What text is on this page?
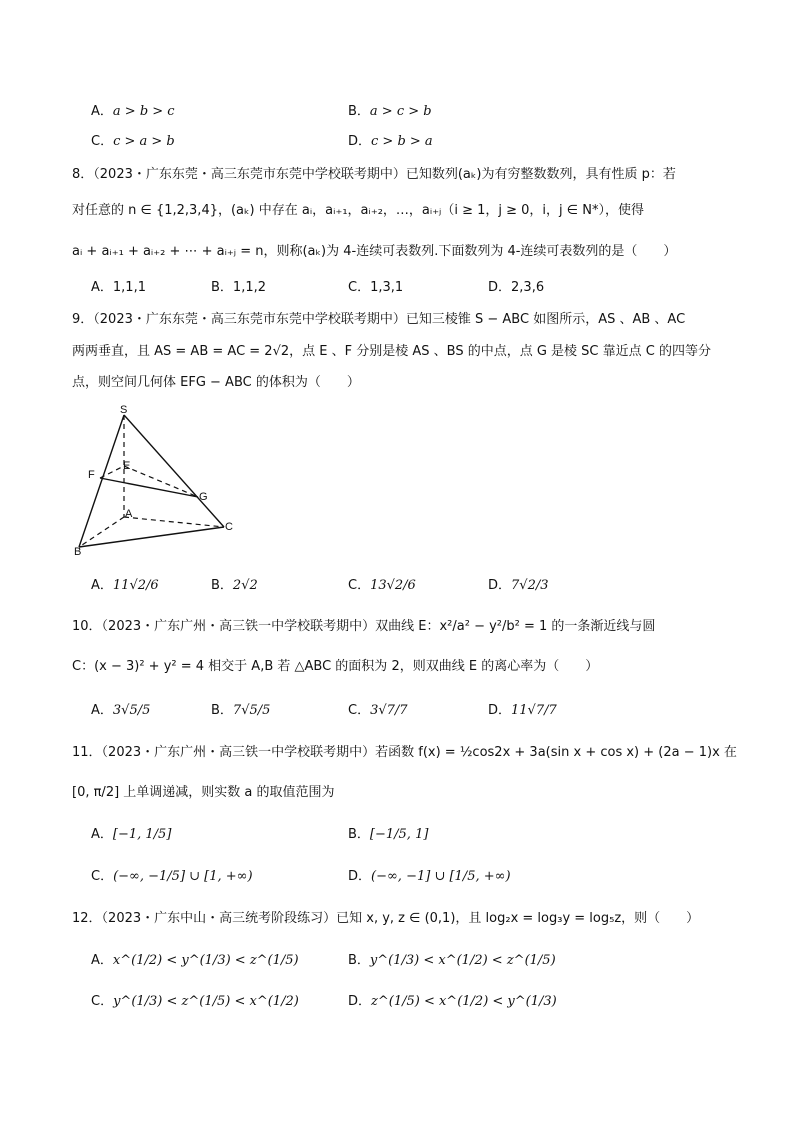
A．a > b > c	B．a > c > b
C．c > a > b	D．c > b > a
8．（2023・广东东莞・高三东莞市东莞中学校联考期中）已知数列(aₖ)为有穷整数数列，具有性质 p：若
对任意的 n ∈ {1,2,3,4}，(aₖ) 中存在 aᵢ，aᵢ₊₁，aᵢ₊₂，…，aᵢ₊ⱼ（i ≥ 1，j ≥ 0，i，j ∈ N*），使得
aᵢ + aᵢ₊₁ + aᵢ₊₂ + ⋯ + aᵢ₊ⱼ = n，则称(aₖ)为 4-连续可表数列.下面数列为 4-连续可表数列的是（　　）
A．1,1,1	B．1,1,2	C．1,3,1	D．2,3,6
9．（2023・广东东莞・高三东莞市东莞中学校联考期中）已知三棱锥 S − ABC 如图所示，AS 、AB 、AC
两两垂直，且 AS = AB = AC = 2√2，点 E 、F 分别是棱 AS 、BS 的中点，点 G 是棱 SC 靠近点 C 的四等分
点，则空间几何体 EFG − ABC 的体积为（　　）
S
E
F
G
A
B
C
A．11√2/6	B．2√2	C．13√2/6	D．7√2/3
10．（2023・广东广州・高三铁一中学校联考期中）双曲线 E：x²/a² − y²/b² = 1 的一条渐近线与圆
C：(x − 3)² + y² = 4 相交于 A,B 若 △ABC 的面积为 2，则双曲线 E 的离心率为（　　）
A．3√5/5	B．7√5/5	C．3√7/7	D．11√7/7
11．（2023・广东广州・高三铁一中学校联考期中）若函数 f(x) = ½cos2x + 3a(sin x + cos x) + (2a − 1)x 在
[0, π/2] 上单调递减，则实数 a 的取值范围为
A．[−1, 1/5]	B．[−1/5, 1]
C．(−∞, −1/5] ∪ [1, +∞)	D．(−∞, −1] ∪ [1/5, +∞)
12．（2023・广东中山・高三统考阶段练习）已知 x, y, z ∈ (0,1)，且 log₂x = log₃y = log₅z，则（　　）
A．x^(1/2) < y^(1/3) < z^(1/5)	B．y^(1/3) < x^(1/2) < z^(1/5)
C．y^(1/3) < z^(1/5) < x^(1/2)	D．z^(1/5) < x^(1/2) < y^(1/3)
